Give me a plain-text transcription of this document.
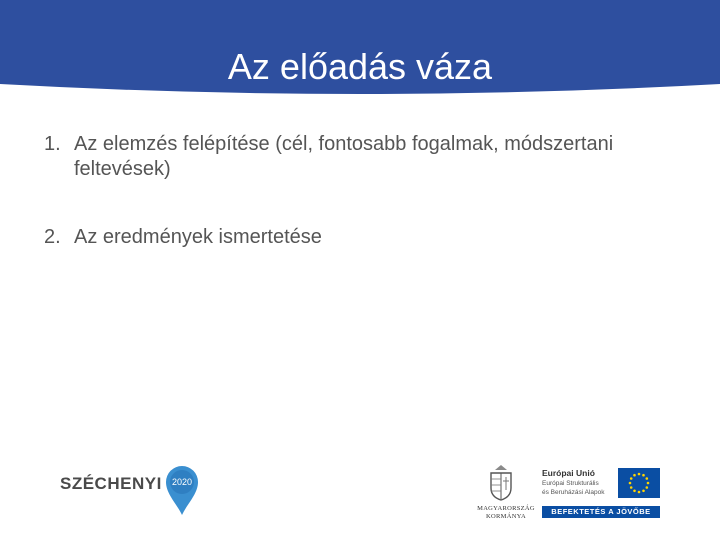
Az előadás váza
1. Az elemzés felépítése (cél, fontosabb fogalmak, módszertani feltevések)
2. Az eredmények ismertetése
SZÉCHENYI 2020
MAGYARORSZÁG
KORMÁNYA
Európai Unió
Európai Strukturális
és Beruházási Alapok
BEFEKTETÉS A JÖVŐBE
